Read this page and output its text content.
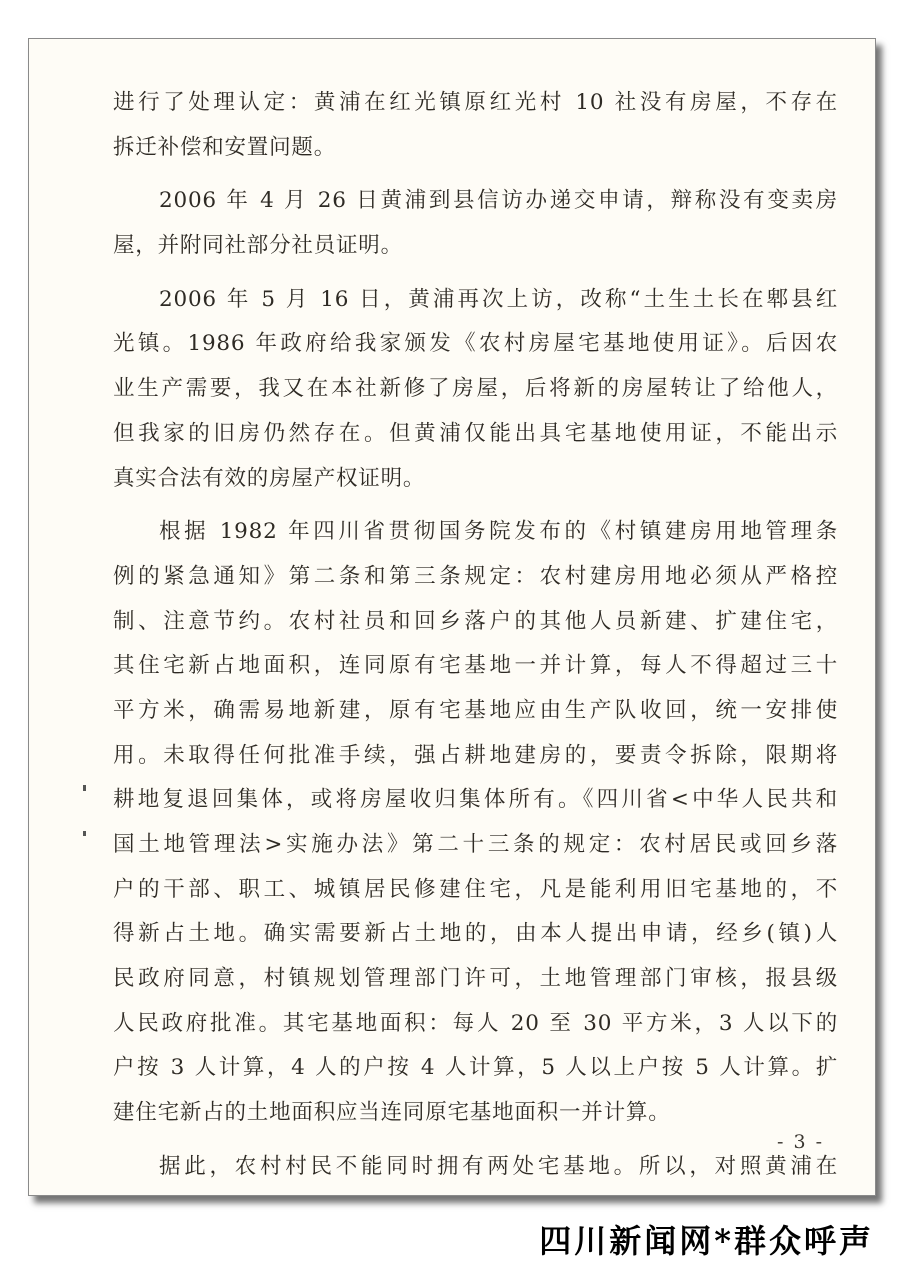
进行了处理认定：黄浦在红光镇原红光村 10 社没有房屋，不存在
拆迁补偿和安置问题。
2006 年 4 月 26 日黄浦到县信访办递交申请，辩称没有变卖房
屋，并附同社部分社员证明。
2006 年 5 月 16 日，黄浦再次上访，改称“土生土长在郫县红
光镇。1986 年政府给我家颁发《农村房屋宅基地使用证》。后因农
业生产需要，我又在本社新修了房屋，后将新的房屋转让了给他人，
但我家的旧房仍然存在。但黄浦仅能出具宅基地使用证，不能出示
真实合法有效的房屋产权证明。
根据 1982 年四川省贯彻国务院发布的《村镇建房用地管理条
例的紧急通知》第二条和第三条规定：农村建房用地必须从严格控
制、注意节约。农村社员和回乡落户的其他人员新建、扩建住宅，
其住宅新占地面积，连同原有宅基地一并计算，每人不得超过三十
平方米，确需易地新建，原有宅基地应由生产队收回，统一安排使
用。未取得任何批准手续，强占耕地建房的，要责令拆除，限期将
耕地复退回集体，或将房屋收归集体所有。《四川省<中华人民共和
国土地管理法>实施办法》第二十三条的规定：农村居民或回乡落
户的干部、职工、城镇居民修建住宅，凡是能利用旧宅基地的，不
得新占土地。确实需要新占土地的，由本人提出申请，经乡(镇)人
民政府同意，村镇规划管理部门许可，土地管理部门审核，报县级
人民政府批准。其宅基地面积：每人 20 至 30 平方米，3 人以下的
户按 3 人计算，4 人的户按 4 人计算，5 人以上户按 5 人计算。扩
建住宅新占的土地面积应当连同原宅基地面积一并计算。
据此，农村村民不能同时拥有两处宅基地。所以，对照黄浦在
- 3 -
四川新闻网*群众呼声
